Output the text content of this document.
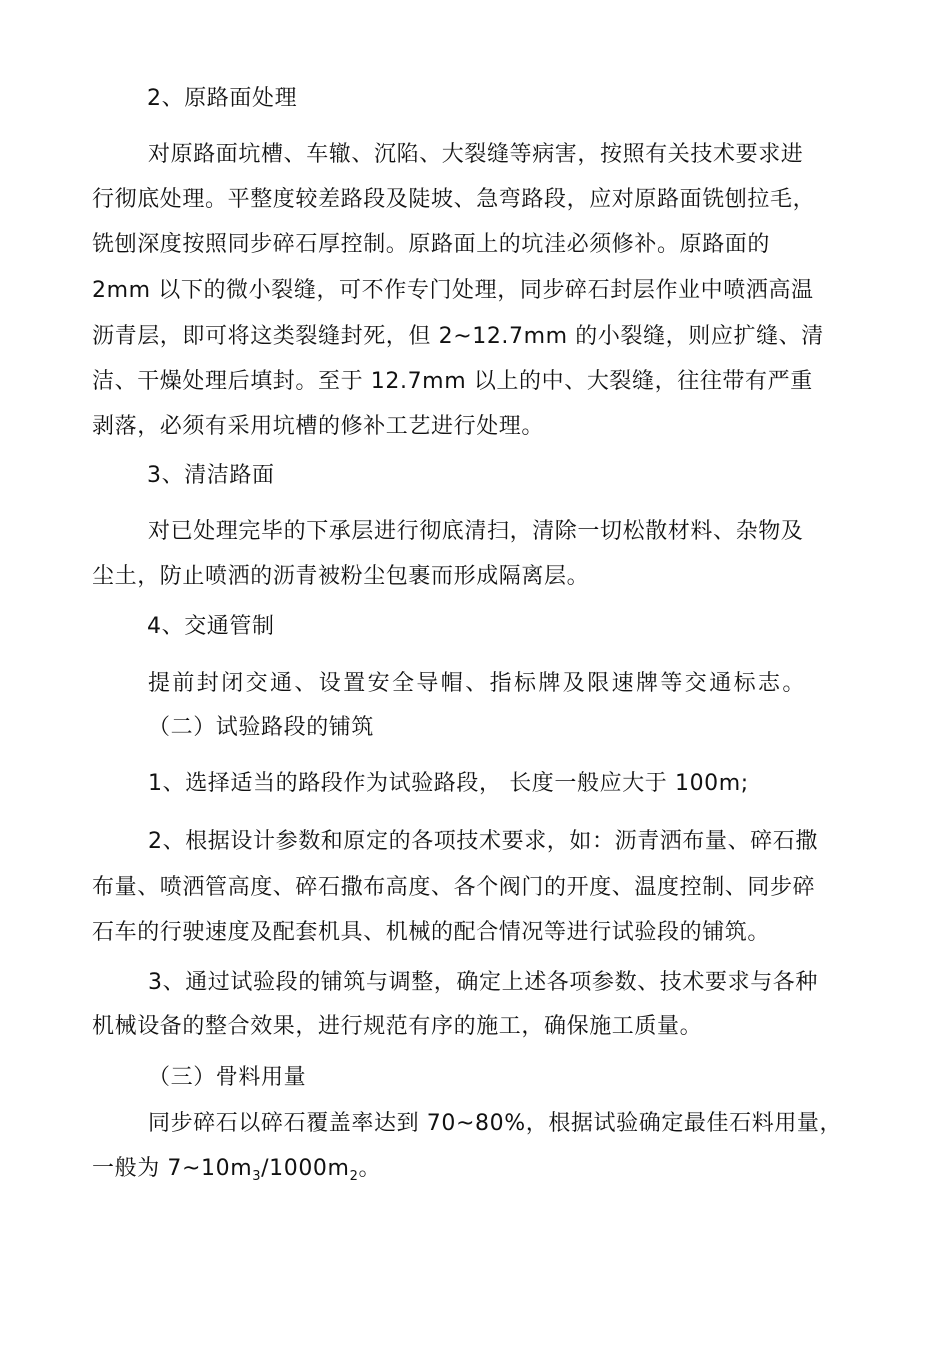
2、原路面处理
对原路面坑槽、车辙、沉陷、大裂缝等病害，按照有关技术要求进
行彻底处理。平整度较差路段及陡坡、急弯路段，应对原路面铣刨拉毛，
铣刨深度按照同步碎石厚控制。原路面上的坑洼必须修补。原路面的
2mm 以下的微小裂缝，可不作专门处理，同步碎石封层作业中喷洒高温
沥青层，即可将这类裂缝封死，但 2~12.7mm 的小裂缝，则应扩缝、清
洁、干燥处理后填封。至于 12.7mm 以上的中、大裂缝，往往带有严重
剥落，必须有采用坑槽的修补工艺进行处理。
3、清洁路面
对已处理完毕的下承层进行彻底清扫，清除一切松散材料、杂物及
尘土，防止喷洒的沥青被粉尘包裹而形成隔离层。
4、交通管制
提前封闭交通、设置安全导帽、指标牌及限速牌等交通标志。
（二）试验路段的铺筑
1、选择适当的路段作为试验路段， 长度一般应大于 100m;
2、根据设计参数和原定的各项技术要求，如：沥青洒布量、碎石撒
布量、喷洒管高度、碎石撒布高度、各个阀门的开度、温度控制、同步碎
石车的行驶速度及配套机具、机械的配合情况等进行试验段的铺筑。
3、通过试验段的铺筑与调整，确定上述各项参数、技术要求与各种
机械设备的整合效果，进行规范有序的施工，确保施工质量。
（三）骨料用量
同步碎石以碎石覆盖率达到 70~80%，根据试验确定最佳石料用量，
一般为 $7\sim 10m_3/1000m_2$。
